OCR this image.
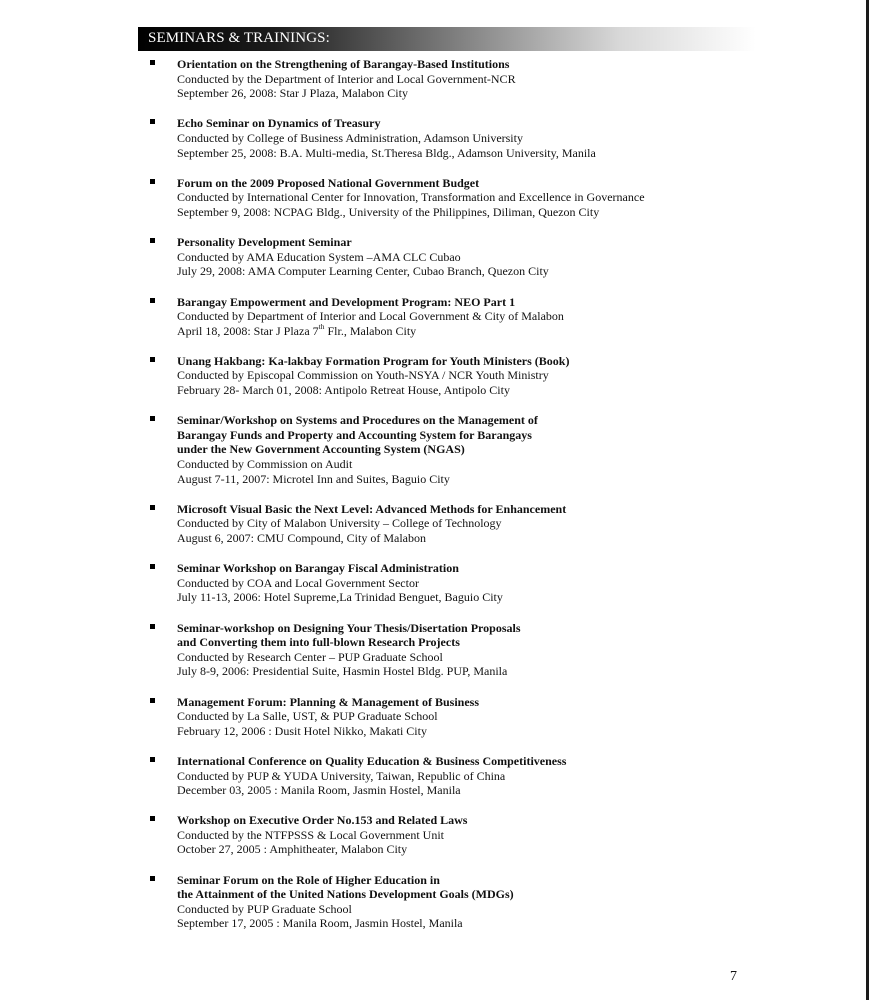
SEMINARS & TRAININGS:
Orientation on the Strengthening of Barangay-Based Institutions
Conducted by the Department of Interior and Local Government-NCR
September 26, 2008: Star J Plaza, Malabon City
Echo Seminar on Dynamics of Treasury
Conducted by College of Business Administration, Adamson University
September 25, 2008: B.A. Multi-media, St.Theresa Bldg., Adamson University, Manila
Forum on the 2009 Proposed National Government Budget
Conducted by International Center for Innovation, Transformation and Excellence in Governance
September 9, 2008: NCPAG Bldg., University of the Philippines, Diliman, Quezon City
Personality Development Seminar
Conducted by AMA Education System –AMA CLC Cubao
July 29, 2008: AMA Computer Learning Center, Cubao Branch, Quezon City
Barangay Empowerment and Development Program: NEO Part 1
Conducted by Department of Interior and Local Government & City of Malabon
April 18, 2008: Star J Plaza 7th Flr., Malabon City
Unang Hakbang: Ka-lakbay Formation Program for Youth Ministers (Book)
Conducted by Episcopal Commission on Youth-NSYA / NCR Youth Ministry
February 28- March 01, 2008: Antipolo Retreat House, Antipolo City
Seminar/Workshop on Systems and Procedures on the Management of
Barangay Funds and Property and Accounting System for Barangays
under the New Government Accounting System (NGAS)
Conducted by Commission on Audit
August 7-11, 2007: Microtel Inn and Suites, Baguio City
Microsoft Visual Basic the Next Level: Advanced Methods for Enhancement
Conducted by City of Malabon University – College of Technology
August 6, 2007: CMU Compound, City of Malabon
Seminar Workshop on Barangay Fiscal Administration
Conducted by COA and Local Government Sector
July 11-13, 2006: Hotel Supreme,La Trinidad Benguet, Baguio City
Seminar-workshop on Designing Your Thesis/Disertation Proposals
and Converting them into full-blown Research Projects
Conducted by Research Center – PUP Graduate School
July 8-9, 2006: Presidential Suite, Hasmin Hostel Bldg. PUP, Manila
Management Forum: Planning & Management of Business
Conducted by La Salle, UST, & PUP Graduate School
February 12, 2006 : Dusit Hotel Nikko, Makati City
International Conference on Quality Education & Business Competitiveness
Conducted by PUP & YUDA University, Taiwan, Republic of China
December 03, 2005 : Manila Room, Jasmin Hostel, Manila
Workshop on Executive Order No.153 and Related Laws
Conducted by the NTFPSSS & Local Government Unit
October 27, 2005 : Amphitheater, Malabon City
Seminar Forum on the Role of Higher Education in
the Attainment of the United Nations Development Goals (MDGs)
Conducted by PUP Graduate School
September 17, 2005 : Manila Room, Jasmin Hostel, Manila
7
